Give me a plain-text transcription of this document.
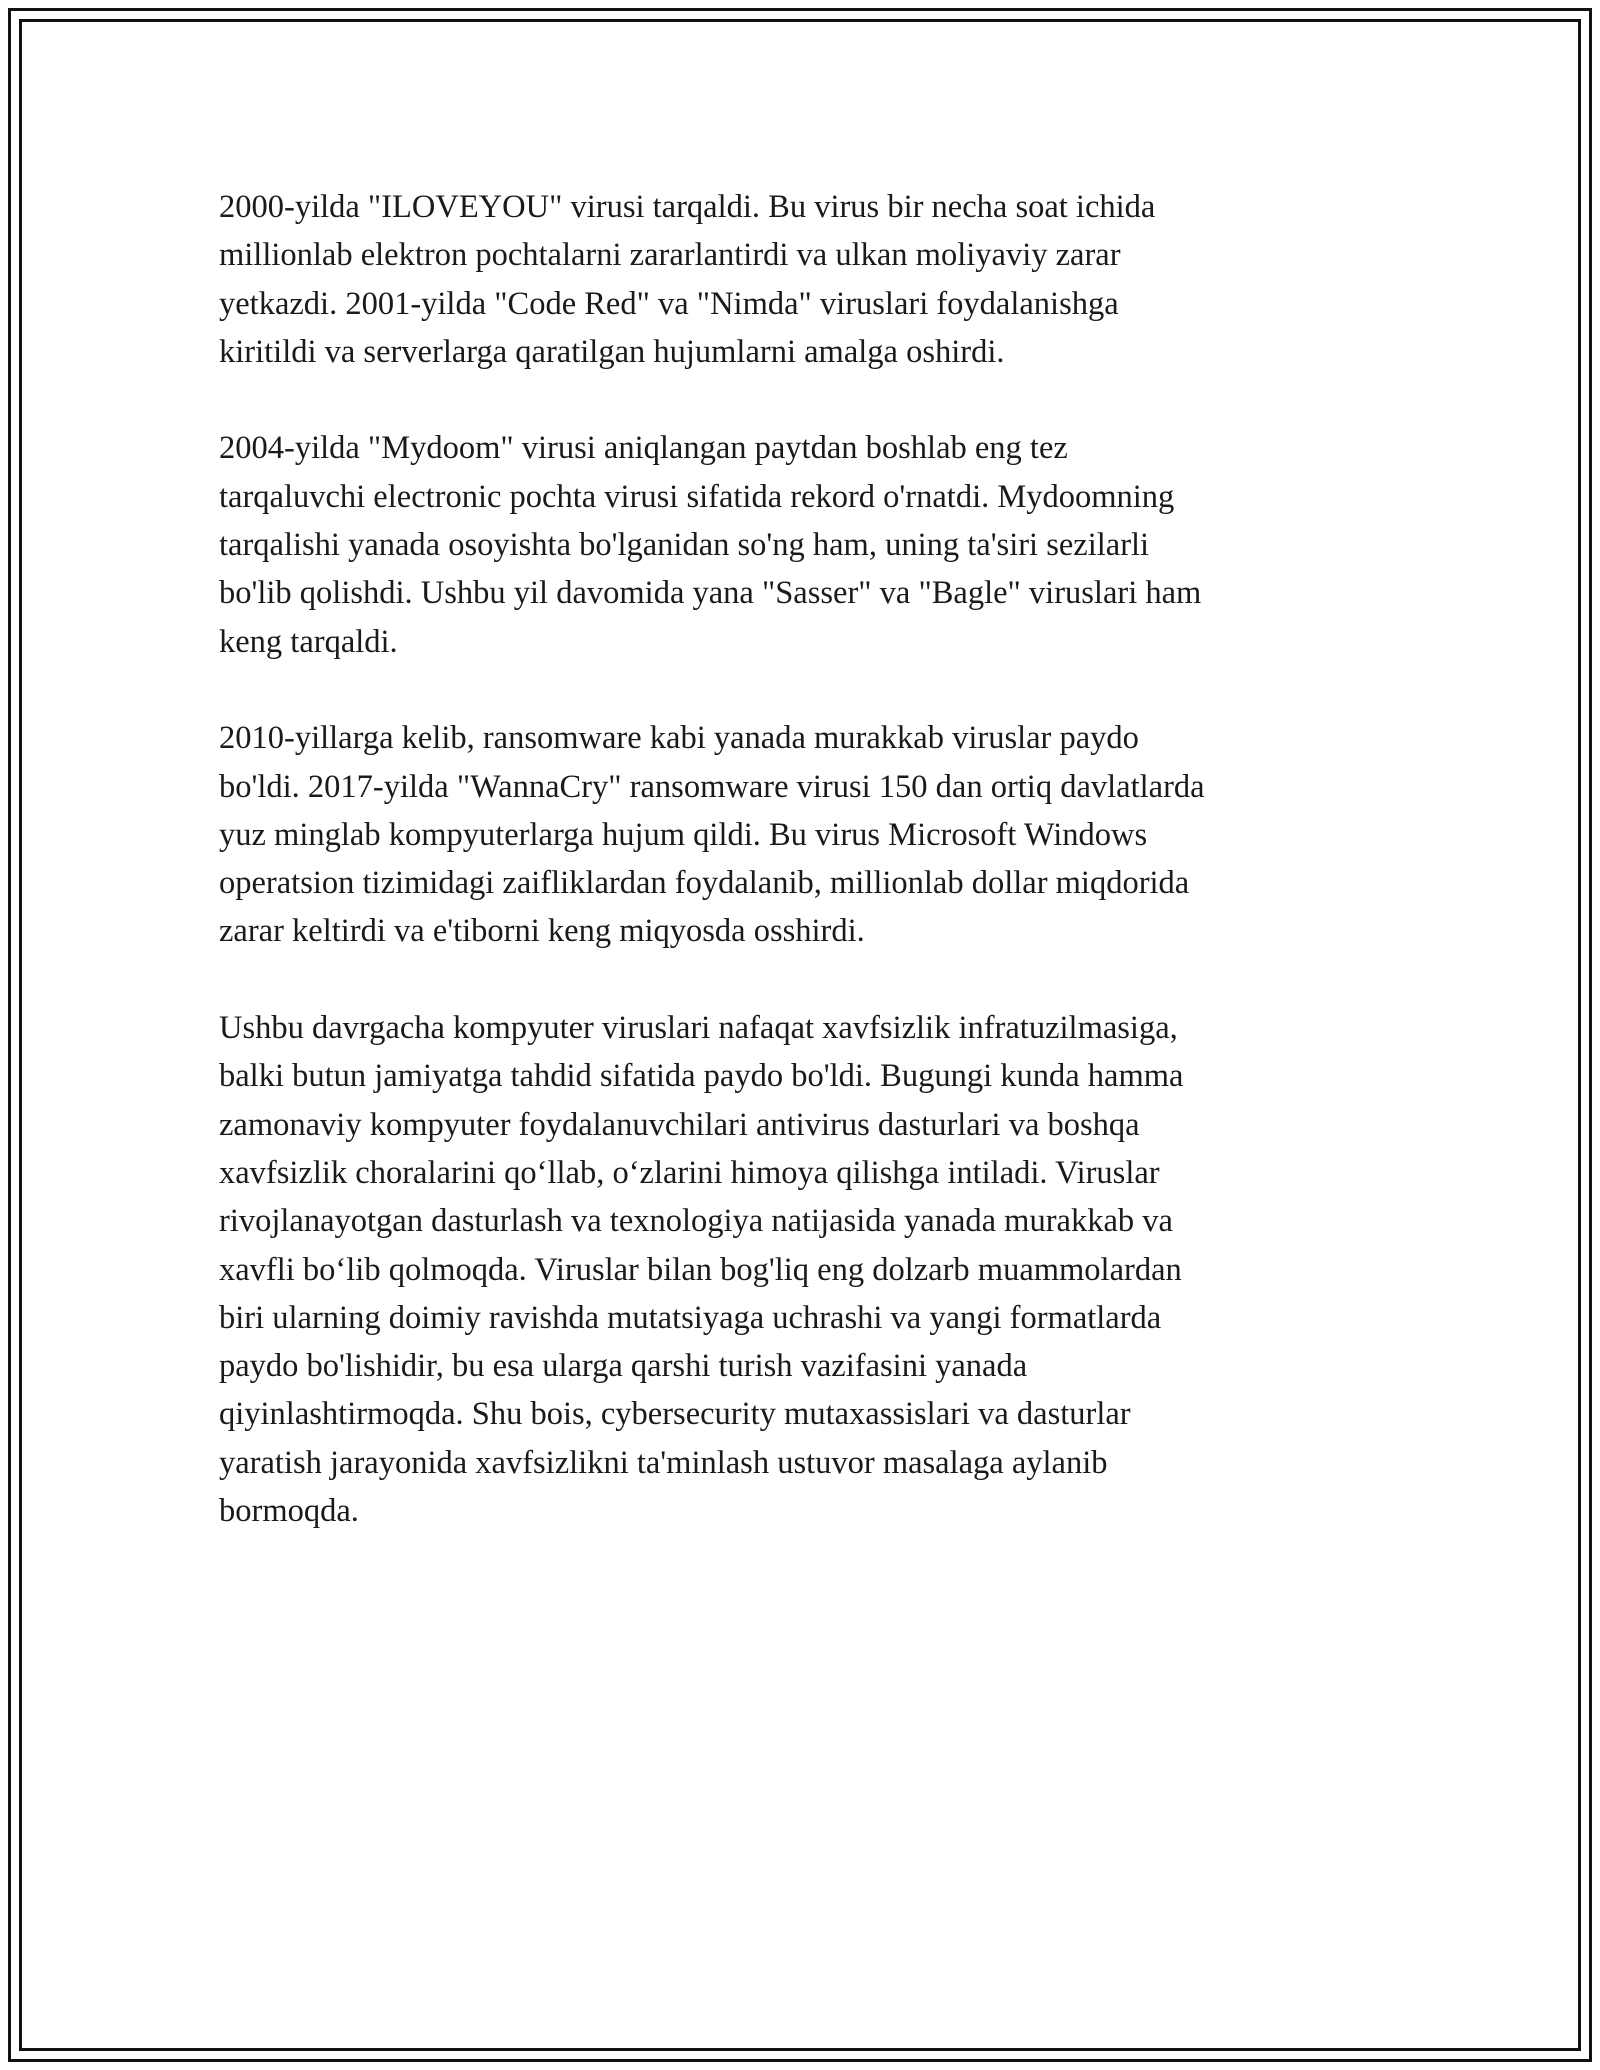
2000-yilda "ILOVEYOU" virusi tarqaldi. Bu virus bir necha soat ichida
millionlab elektron pochtalarni zararlantirdi va ulkan moliyaviy zarar
yetkazdi. 2001-yilda "Code Red" va "Nimda" viruslari foydalanishga
kiritildi va serverlarga qaratilgan hujumlarni amalga oshirdi.

2004-yilda "Mydoom" virusi aniqlangan paytdan boshlab eng tez
tarqaluvchi electronic pochta virusi sifatida rekord o'rnatdi. Mydoomning
tarqalishi yanada osoyishta bo'lganidan so'ng ham, uning ta'siri sezilarli
bo'lib qolishdi. Ushbu yil davomida yana "Sasser" va "Bagle" viruslari ham
keng tarqaldi.

2010-yillarga kelib, ransomware kabi yanada murakkab viruslar paydo
bo'ldi. 2017-yilda "WannaCry" ransomware virusi 150 dan ortiq davlatlarda
yuz minglab kompyuterlarga hujum qildi. Bu virus Microsoft Windows
operatsion tizimidagi zaifliklardan foydalanib, millionlab dollar miqdorida
zarar keltirdi va e'tiborni keng miqyosda osshirdi.

Ushbu davrgacha kompyuter viruslari nafaqat xavfsizlik infratuzilmasiga,
balki butun jamiyatga tahdid sifatida paydo bo'ldi. Bugungi kunda hamma
zamonaviy kompyuter foydalanuvchilari antivirus dasturlari va boshqa
xavfsizlik choralarini qo‘llab, o‘zlarini himoya qilishga intiladi. Viruslar
rivojlanayotgan dasturlash va texnologiya natijasida yanada murakkab va
xavfli bo‘lib qolmoqda. Viruslar bilan bog'liq eng dolzarb muammolardan
biri ularning doimiy ravishda mutatsiyaga uchrashi va yangi formatlarda
paydo bo'lishidir, bu esa ularga qarshi turish vazifasini yanada
qiyinlashtirmoqda. Shu bois, cybersecurity mutaxassislari va dasturlar
yaratish jarayonida xavfsizlikni ta'minlash ustuvor masalaga aylanib
bormoqda.
